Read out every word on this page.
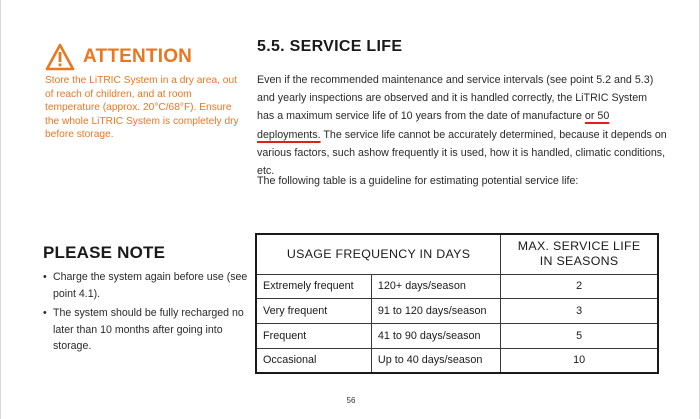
ATTENTION

Store the LiTRIC System in a dry area, out of reach of children, and at room temperature (approx. 20°C/68°F). Ensure the whole LiTRIC System is completely dry before storage.

PLEASE NOTE
• Charge the system again before use (see point 4.1).
• The system should be fully recharged no later than 10 months after going into storage.
5.5. SERVICE LIFE

Even if the recommended maintenance and service intervals (see point 5.2 and 5.3) and yearly inspections are observed and it is handled correctly, the LiTRIC System has a maximum service life of 10 years from the date of manufacture or 50 deployments. The service life cannot be accurately determined, because it depends on various factors, such ashow frequently it is used, how it is handled, climatic conditions, etc.

The following table is a guideline for estimating potential service life:

USAGE FREQUENCY IN DAYS		MAX. SERVICE LIFE IN SEASONS
Extremely frequent	120+ days/season	2
Very frequent	91 to 120 days/season	3
Frequent	41 to 90 days/season	5
Occasional	Up to 40 days/season	10
56
